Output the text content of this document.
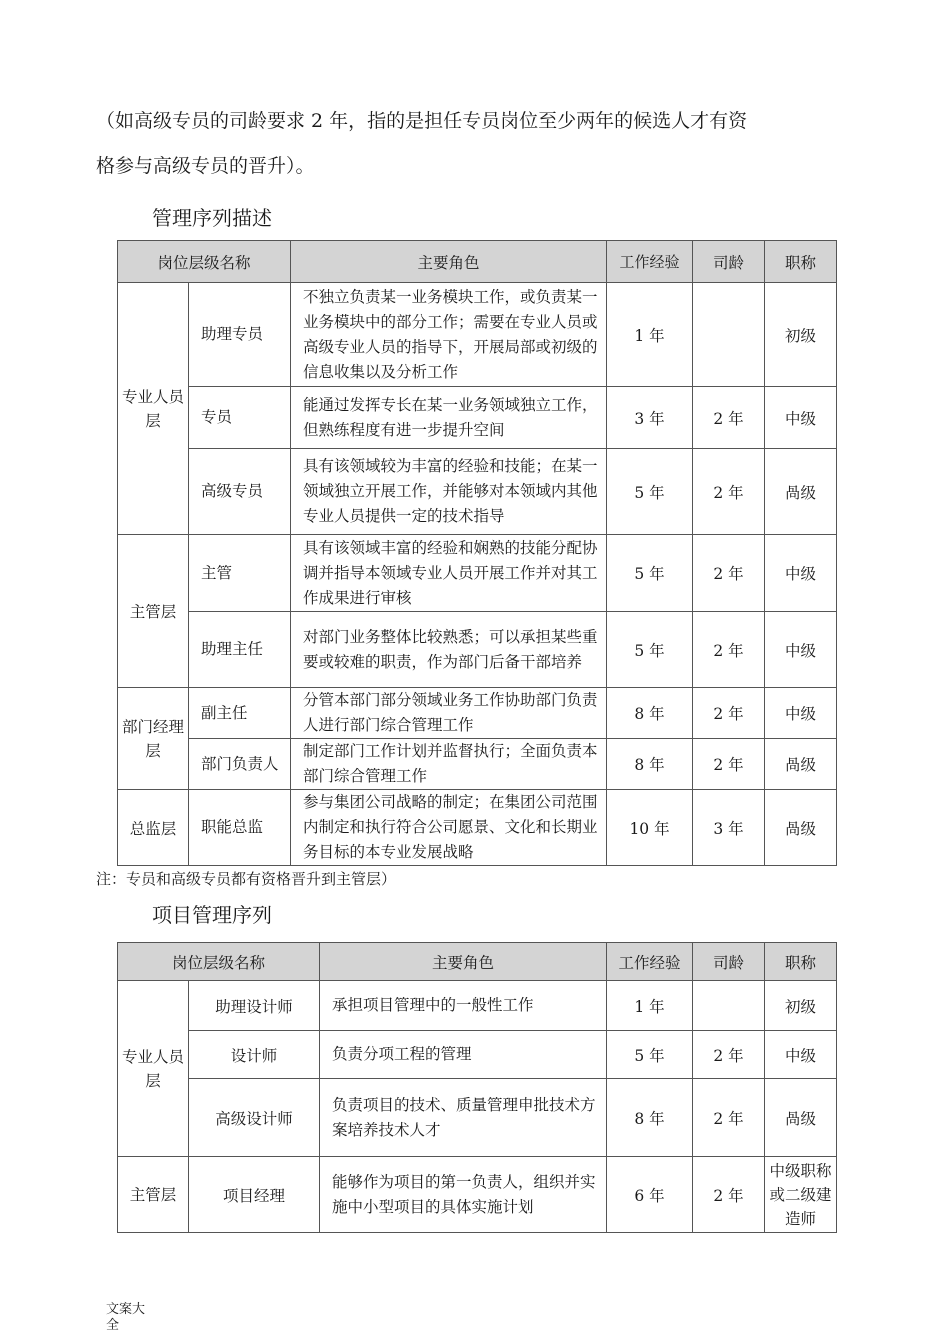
（如高级专员的司龄要求 2 年，指的是担任专员岗位至少两年的候选人才有资
格参与高级专员的晋升）。
管理序列描述
岗位层级名称		主要角色	工作经验	司龄	职称
专业人员层	助理专员	不独立负责某一业务模块工作，或负责某一业务模块中的部分工作；需要在专业人员或高级专业人员的指导下，开展局部或初级的信息收集以及分析工作	1 年		初级
	专员	能通过发挥专长在某一业务领域独立工作，但熟练程度有进一步提升空间	3 年	2 年	中级
	高级专员	具有该领域较为丰富的经验和技能；在某一领域独立开展工作，并能够对本领域内其他专业人员提供一定的技术指导	5 年	2 年	咼级
主管层	主管	具有该领域丰富的经验和娴熟的技能分配协调并指导本领域专业人员开展工作并对其工作成果进行审核	5 年	2 年	中级
	助理主任	对部门业务整体比较熟悉；可以承担某些重要或较难的职责，作为部门后备干部培养	5 年	2 年	中级
部门经理层	副主任	分管本部门部分领域业务工作协助部门负责人进行部门综合管理工作	8 年	2 年	中级
	部门负责人	制定部门工作计划并监督执行；全面负责本部门综合管理工作	8 年	2 年	咼级
总监层	职能总监	参与集团公司战略的制定；在集团公司范围内制定和执行符合公司愿景、文化和长期业务目标的本专业发展战略	10 年	3 年	咼级
注：专员和高级专员都有资格晋升到主管层）
项目管理序列
岗位层级名称		主要角色	工作经验	司龄	职称
专业人员层	助理设计师	承担项目管理中的一般性工作	1 年		初级
	设计师	负责分项工程的管理	5 年	2 年	中级
	高级设计师	负责项目的技术、质量管理申批技术方案培养技术人才	8 年	2 年	咼级
主管层	项目经理	能够作为项目的第一负责人，组织并实施中小型项目的具体实施计划	6 年	2 年	中级职称或二级建造师
文案大全
